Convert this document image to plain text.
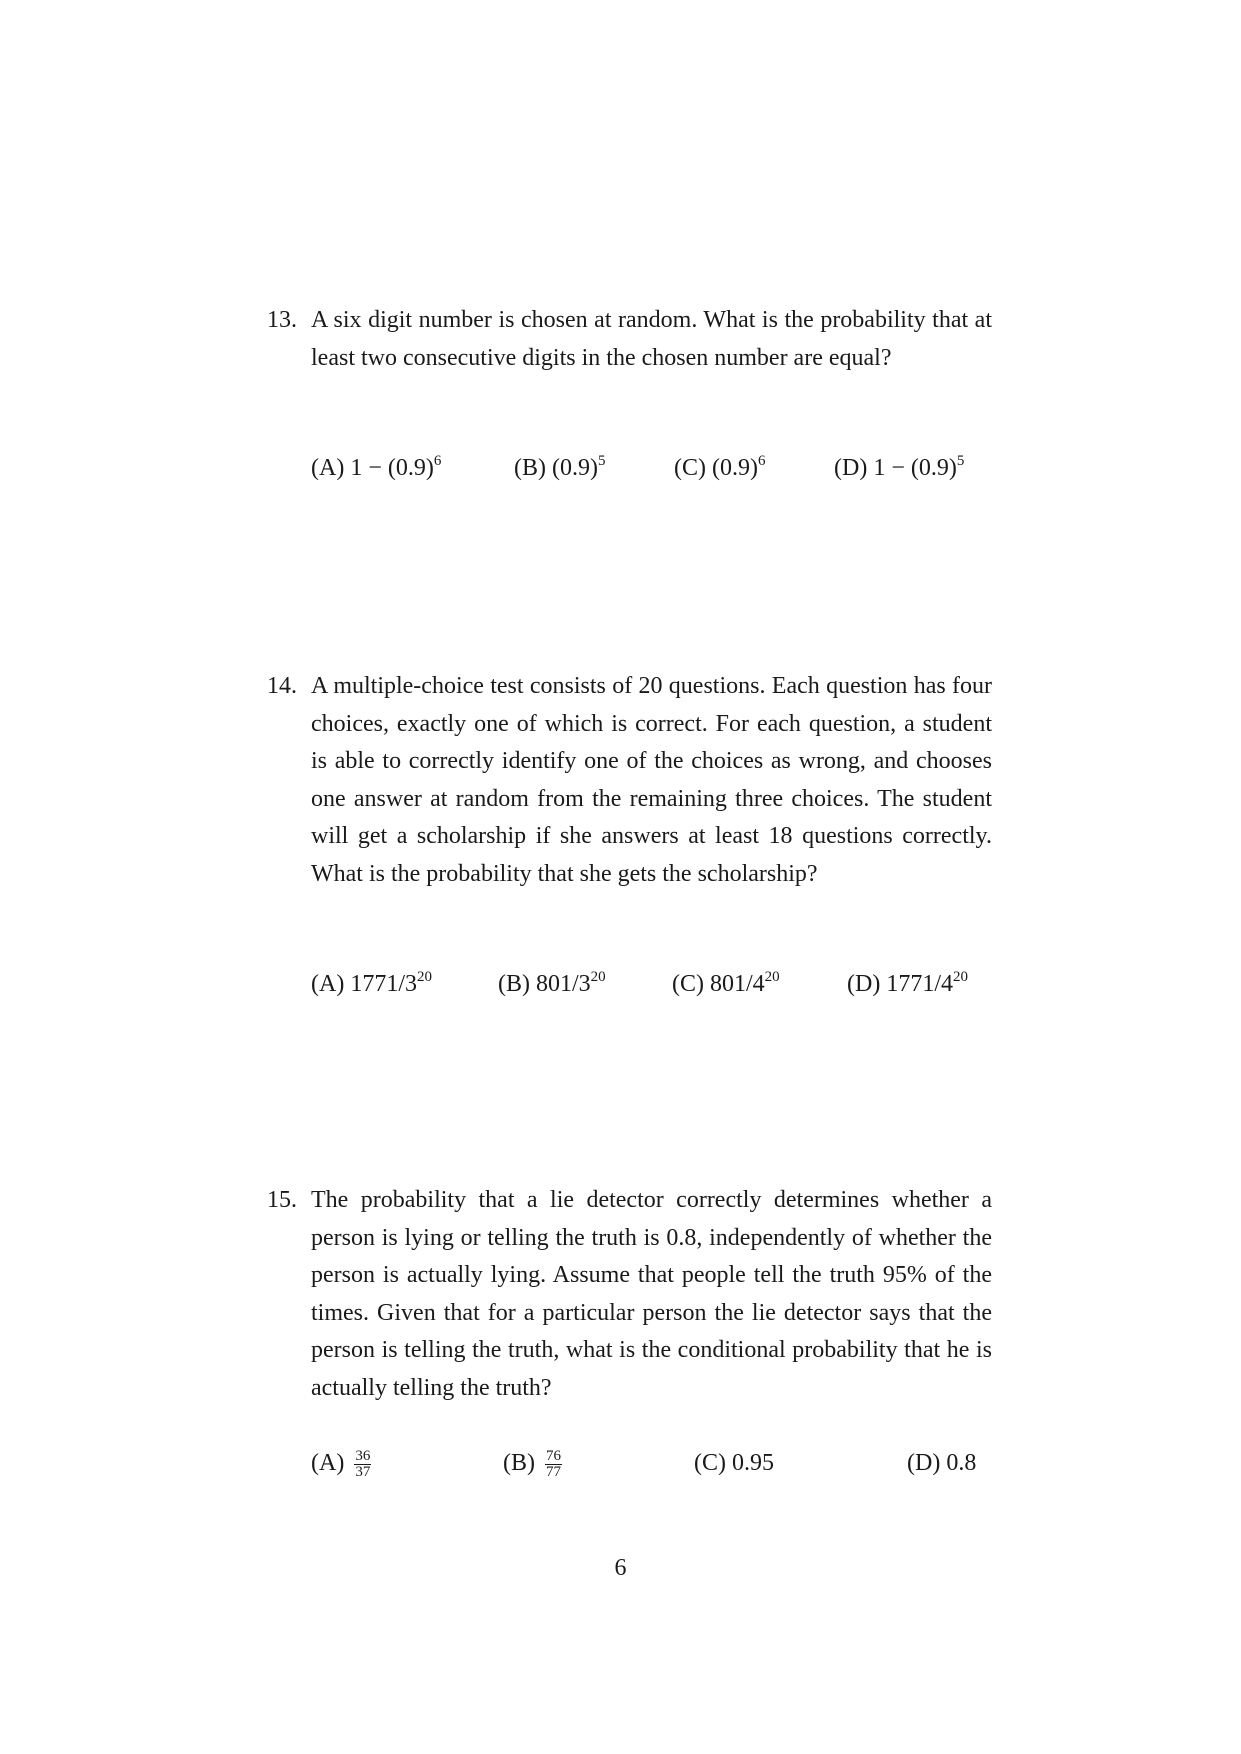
13. A six digit number is chosen at random. What is the probability that at least two consecutive digits in the chosen number are equal?

(A) $1 - (0.9)^6$	(B) $(0.9)^5$	(C) $(0.9)^6$	(D) $1 - (0.9)^5$
14. A multiple-choice test consists of 20 questions. Each question has four choices, exactly one of which is correct. For each question, a student is able to correctly identify one of the choices as wrong, and chooses one answer at random from the remaining three choices. The student will get a scholarship if she answers at least 18 questions correctly. What is the probability that she gets the scholarship?

(A) $1771/3^{20}$	(B) $801/3^{20}$	(C) $801/4^{20}$	(D) $1771/4^{20}$
15. The probability that a lie detector correctly determines whether a person is lying or telling the truth is 0.8, independently of whether the person is actually lying. Assume that people tell the truth 95% of the times. Given that for a particular person the lie detector says that the person is telling the truth, what is the conditional probability that he is actually telling the truth?

$(A) \frac{36}{37}$	$(B) \frac{76}{77}$	(C) 0.95	(D) 0.8
6
